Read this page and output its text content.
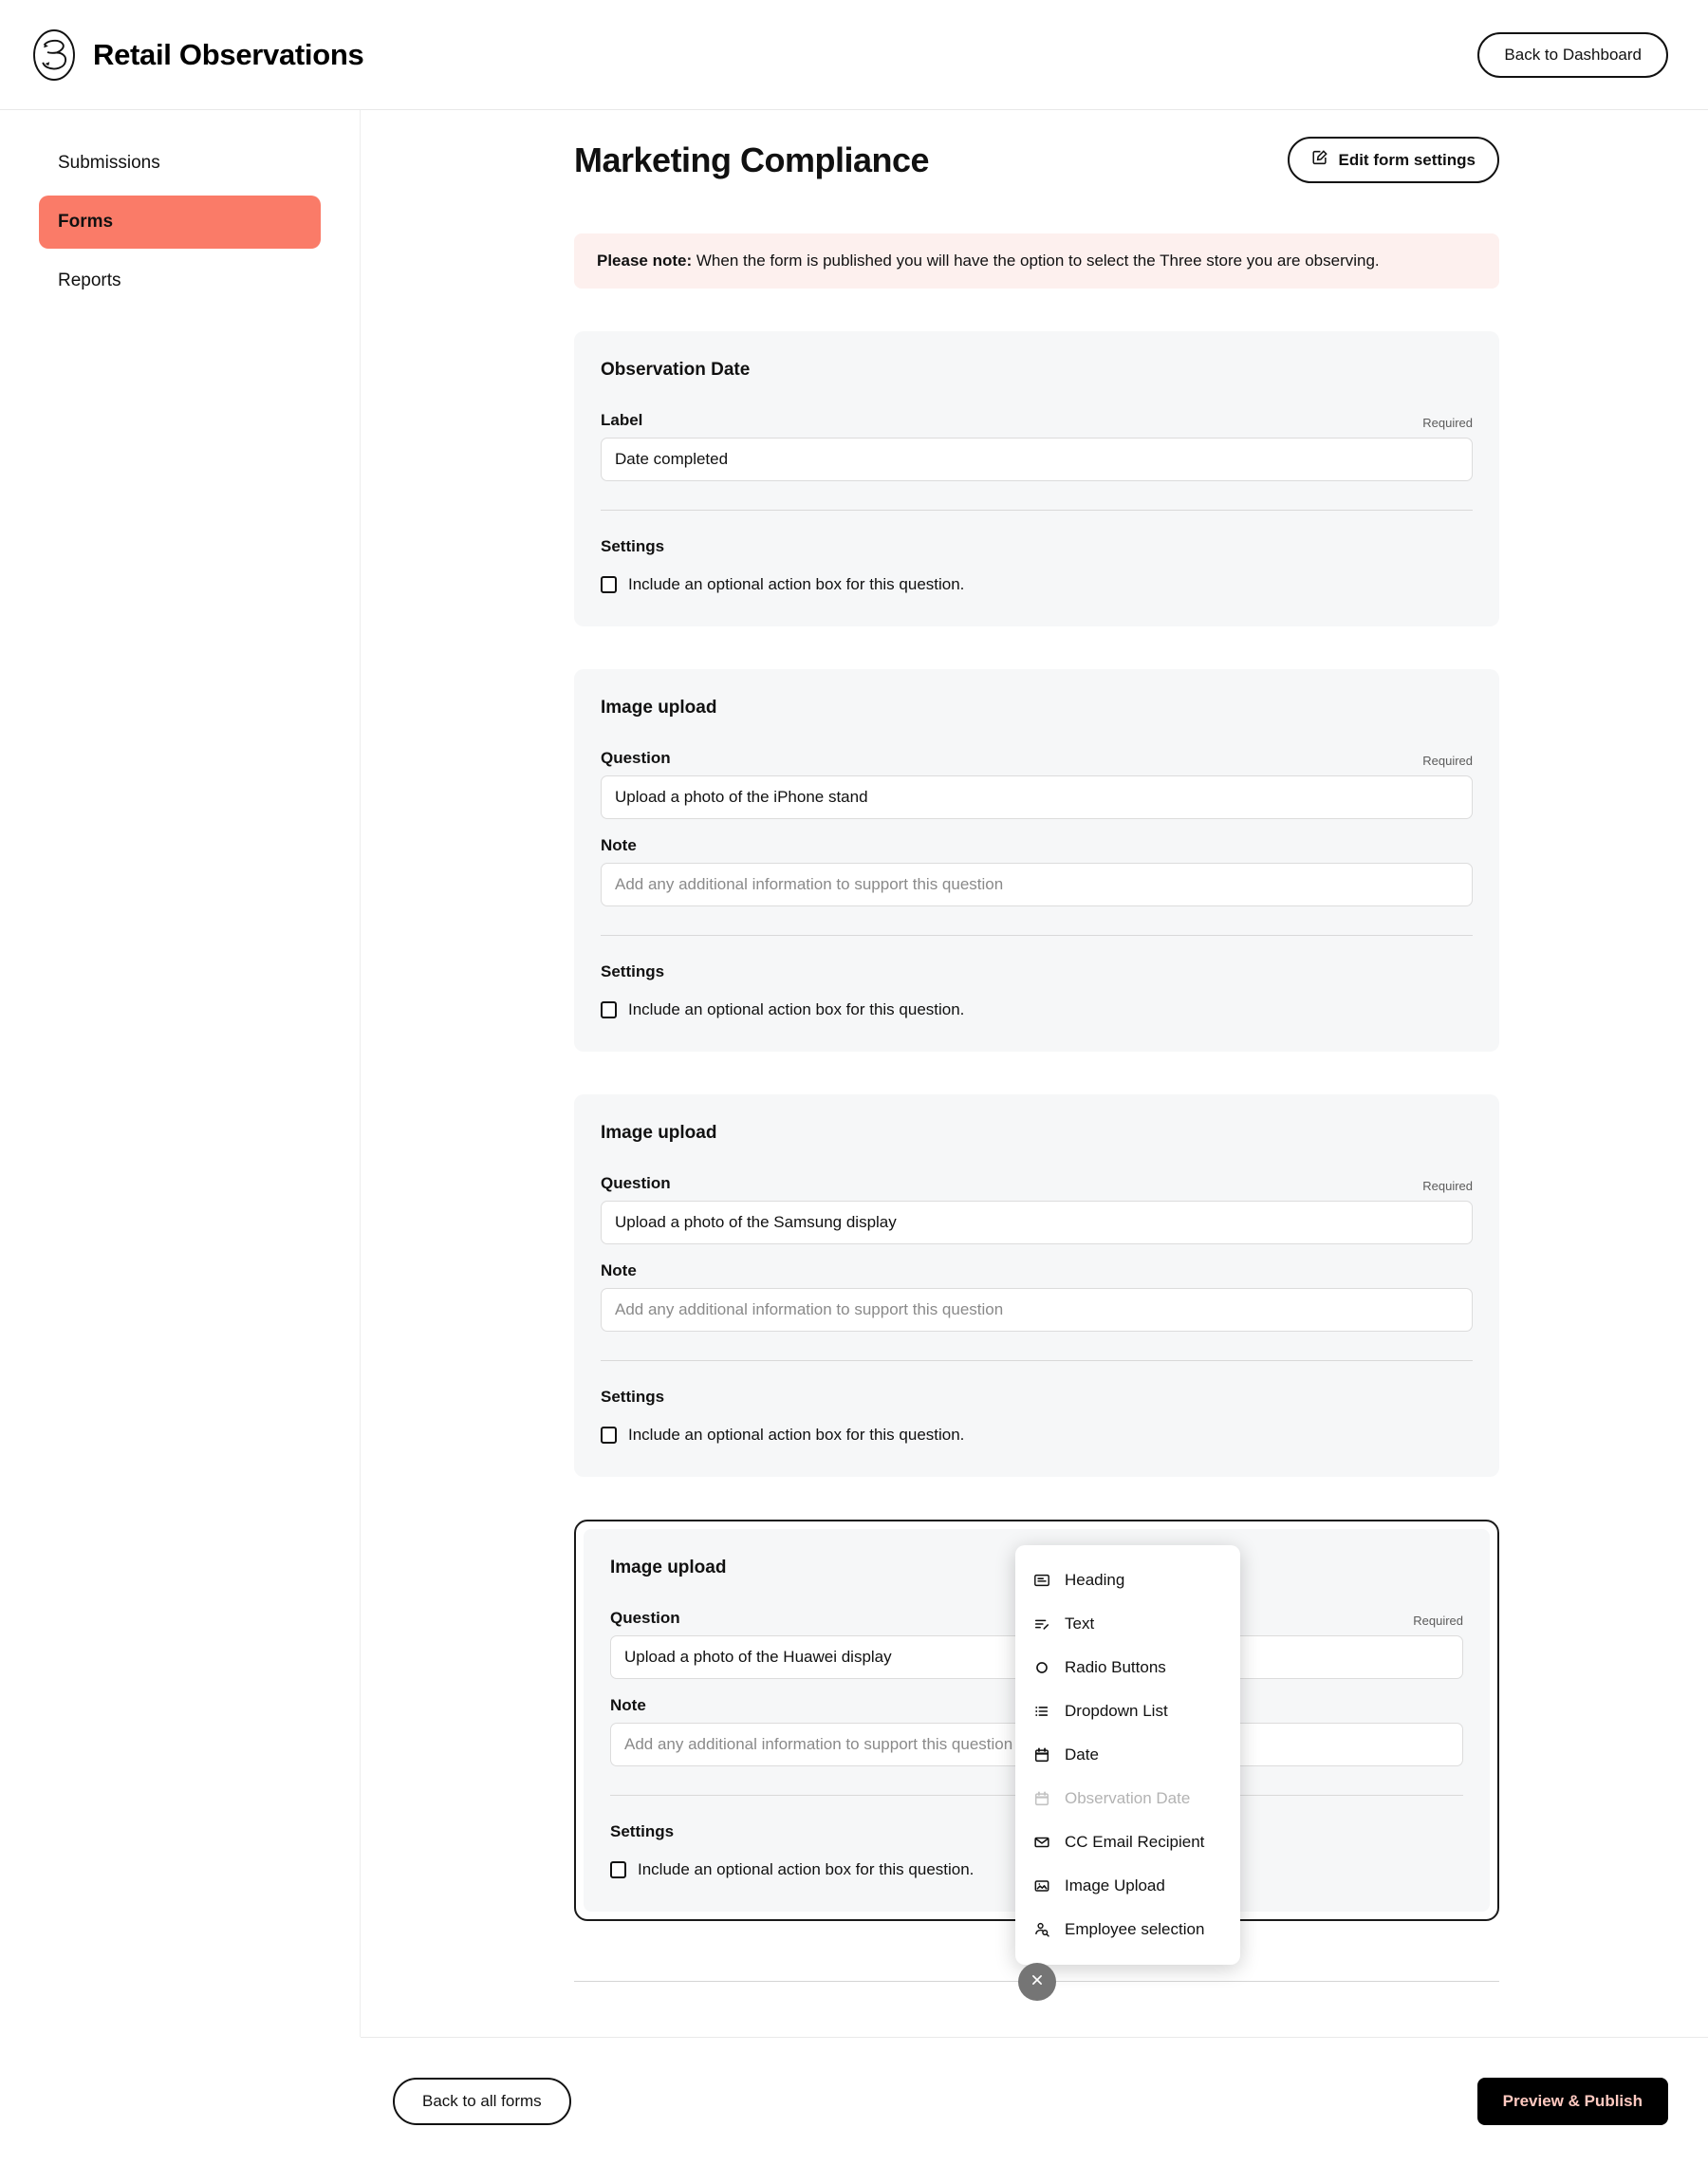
Retail Observations	Back to Dashboard
Submissions
Forms
Reports
Marketing Compliance	Edit form settings
Please note: When the form is published you will have the option to select the Three store you are observing.
Observation Date
Label	Required
Date completed
Settings
Include an optional action box for this question.
Image upload
Question	Required
Upload a photo of the iPhone stand
Note
Add any additional information to support this question
Settings
Include an optional action box for this question.
Image upload
Question	Required
Upload a photo of the Samsung display
Note
Add any additional information to support this question
Settings
Include an optional action box for this question.
Image upload
Question	Required
Upload a photo of the Huawei display
Note
Add any additional information to support this question
Settings
Include an optional action box for this question.
Heading
Text
Radio Buttons
Dropdown List
Date
Observation Date
CC Email Recipient
Image Upload
Employee selection
Back to all forms	Preview & Publish
